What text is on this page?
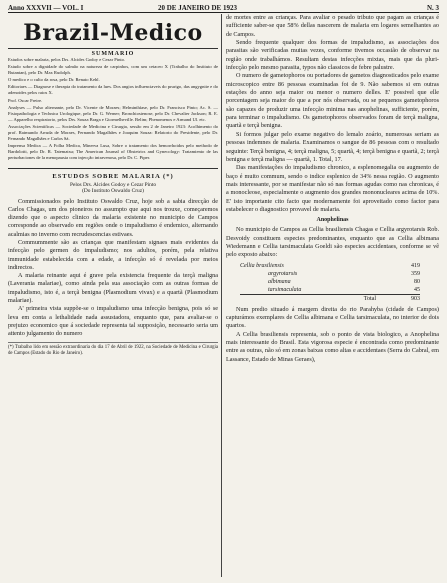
Anno XXXVII — VOL. I	20 DE JANEIRO DE 1923	N. 3
Brazil-Medico
SUMMARIO

Estudos sobre malaria, pelos Drs. Alcides Godoy e Cezar Pinto.

Estudo sobre a dignidade do salmão na natureza de carpinhos, com um cetaceo X (Trabalho do Instituto de Butantan), pelo Dr. Max Rudolph.

O medico e o culto da rosa, pelo Dr. Renato Kehl.

Editoriaes — Diagnose e therapia do tratamento da lues. Dos angios influenciaveis do prurigo, das angygnite e do adenoides pelos raios X.

Prof. Oscar Freire.

Analyses — Pulso alternante, pelo Dr. Vicente de Moraes; Helminthíase, pelo Dr. Francisco Pinto; Ac. S. — Fisiopathologia e Technica Urologique, pelo Dr. G. Werner; Bronchiostenose, pelo Dr. Chevalier Jackson; R. E. — Apparelho respiratorio, pelos Drs. Souza Braga e Gtormelheville. Belim; Phenomenos e Armand Ul. etc.

Associações Scientificas — Sociedade de Medicina e Cirurgia, sessão em 2 de Janeiro 1923: Acolhimento do prof. Raimundo Arruda de Moraes, Fernando Magalhães e Joaquim Souza: Relatorio do Presidente, pelo Dr. Fernando Magalhães e Carlos Sá.

Imprensa Medica — A Folha Medica, Minerva Lusa, Sobre o tratamento dos hemorrhoidos pelo methodo de Bardolotti, pelo Dr. R. Tatematsu; The American Journal of Obstetrics and Gynecology: Tratamiento de las perturbaciones de la menopausia com injecção intravenosa, pelo Dr. C. Piper.

ESTUDOS SOBRE MALARIA (*)
Pelos Drs. Alcides Godoy e Cezar Pinto
(Do Instituto Oswaldo Cruz)

Commissionados pelo Instituto Oswaldo Cruz, hoje sob a sabia direcção de Carlos Chagas, um dos pioneiros no assumpto que aqui nos trouxe, começaremos dizendo que o aspecto clinico da malaria existente no municipio de Campos corresponde ao observado em regiões onde o impaludismo é endemico, alternando acalmias no inverno com recrudescencias estivaes.

Commummente são as crianças que manifestam signaes mais evidentes da infecção pelo germen do impaludismo; nos adultos, porém, pela relativa immunidade estabelecida com a edade, a infecção só é revelada por meios indirectos.

A malaria reinante aqui é grave pela existencia frequente da terçã maligna (Laverania malariae), como ainda pela sua associação com as outras formas de impaludismo, isto é, a terçã benigna (Plasmodium vivax) e a quartã (Plasmodium malariae).

A' primeira vista suppõe-se o impaludismo uma infecção benigna, pois só se leva em conta a lethalidade nada assustadora, enquanto que, para avaliar-se o prejuizo economico que á sociedade representa tal supposição, necessario seria um attento julgamento do numero

(*) Trabalho lido em sessão extraordinaria do dia 17 de Abril de 1922, na Sociedade de Medicina e Cirurgia de Campos (Estado do Rio de Janeiro).

de mortes entre as crianças. Para avaliar o pesado tributo que pagam as crianças é sufficiente saber-se que 58% dellas nascerem de malaria em logares semelhantes ao de Campos.

Sendo frequente qualquer dos formas de impaludismo, as associações dos parasitas são verificadas muitas vezes, conforme tivemos occasião de observar na região onde trabalhámos. Resultam destas infecções mixtas, mais que da pluri-infecção pelo mesmo parasita, typos não classicos de febre palustre.

O numero de gametophoros ou portadores de gametos diagnosticados pelo exame microscopico entre 86 pessoas examinadas foi de 9. Não sabemos si em outras estações do anno seja maior ou menor o numero delles. E' possivel que elle porcentagem seja maior do que a por nós observada, ou se pequenos gametophoros são capazes de produzir uma infecção minima nas anophelinas, sufficiente, porém, para terminar o impaludismo. Os gametophoros observados foram de terçã maligna, quartã e terçã benigna.

Si formos julgar pelo exame negativo do lemalo zoário, numerosas seriam as pessoas indemnes de malaria. Examinamos o sangue de 86 pessoas com o resultado seguinte: Terçã benigna, 4; terçã maligna, 5; quartã, 4; terçã benigna e quartã, 2; terçã benigna e terçã maligna — quartã, 1. Total, 17.

Das manifestações do impaludismo chronico, a esplenomegalia ou augmento de baço é muito commum, sendo o indice esplenico de 34% nessa região. O augmento mais interessante, por se manifestar não só nas formas agudas como nas chronicas, é a monocleose, especialmente o augmento dos grandes mononucleares acima de 10%. E' isto importante cito facto que modernamente foi aproveitado como factor para estabelecer o diagnostico provavel de malaria.

Anophelinas

No municipio de Campos as Cellia brasiliensis Chagas e Cellia argyrotarsis Rob. Desvoidy constituem especies predominantes, enquanto que as Cellia albimana Wiedemann e Cellia tarsimaculata Goeldi são especies accidentaes, conforme se vê pelo exposto abaixo:

Cellia brasiliensis	419
argyrotarsis	359
albimana	80
tarsimaculata	45
Total	903

Num predio situado á margem direita do rio Parahyba (cidade de Campos) capturámos exemplares de Cellia albimana e Cellia tarsimaculata, no interior de dois quartos.

A Cellia brasiliensis representa, sob o ponto de vista biologico, a Anophelina mais interessante do Brasil. Esta vigorosa especie é encontrada como predominante entre as outras, não só em zonas baixas como altas e accidentaes (Serra do Cabral, em Lassance, Estado de Minas Geraes),
